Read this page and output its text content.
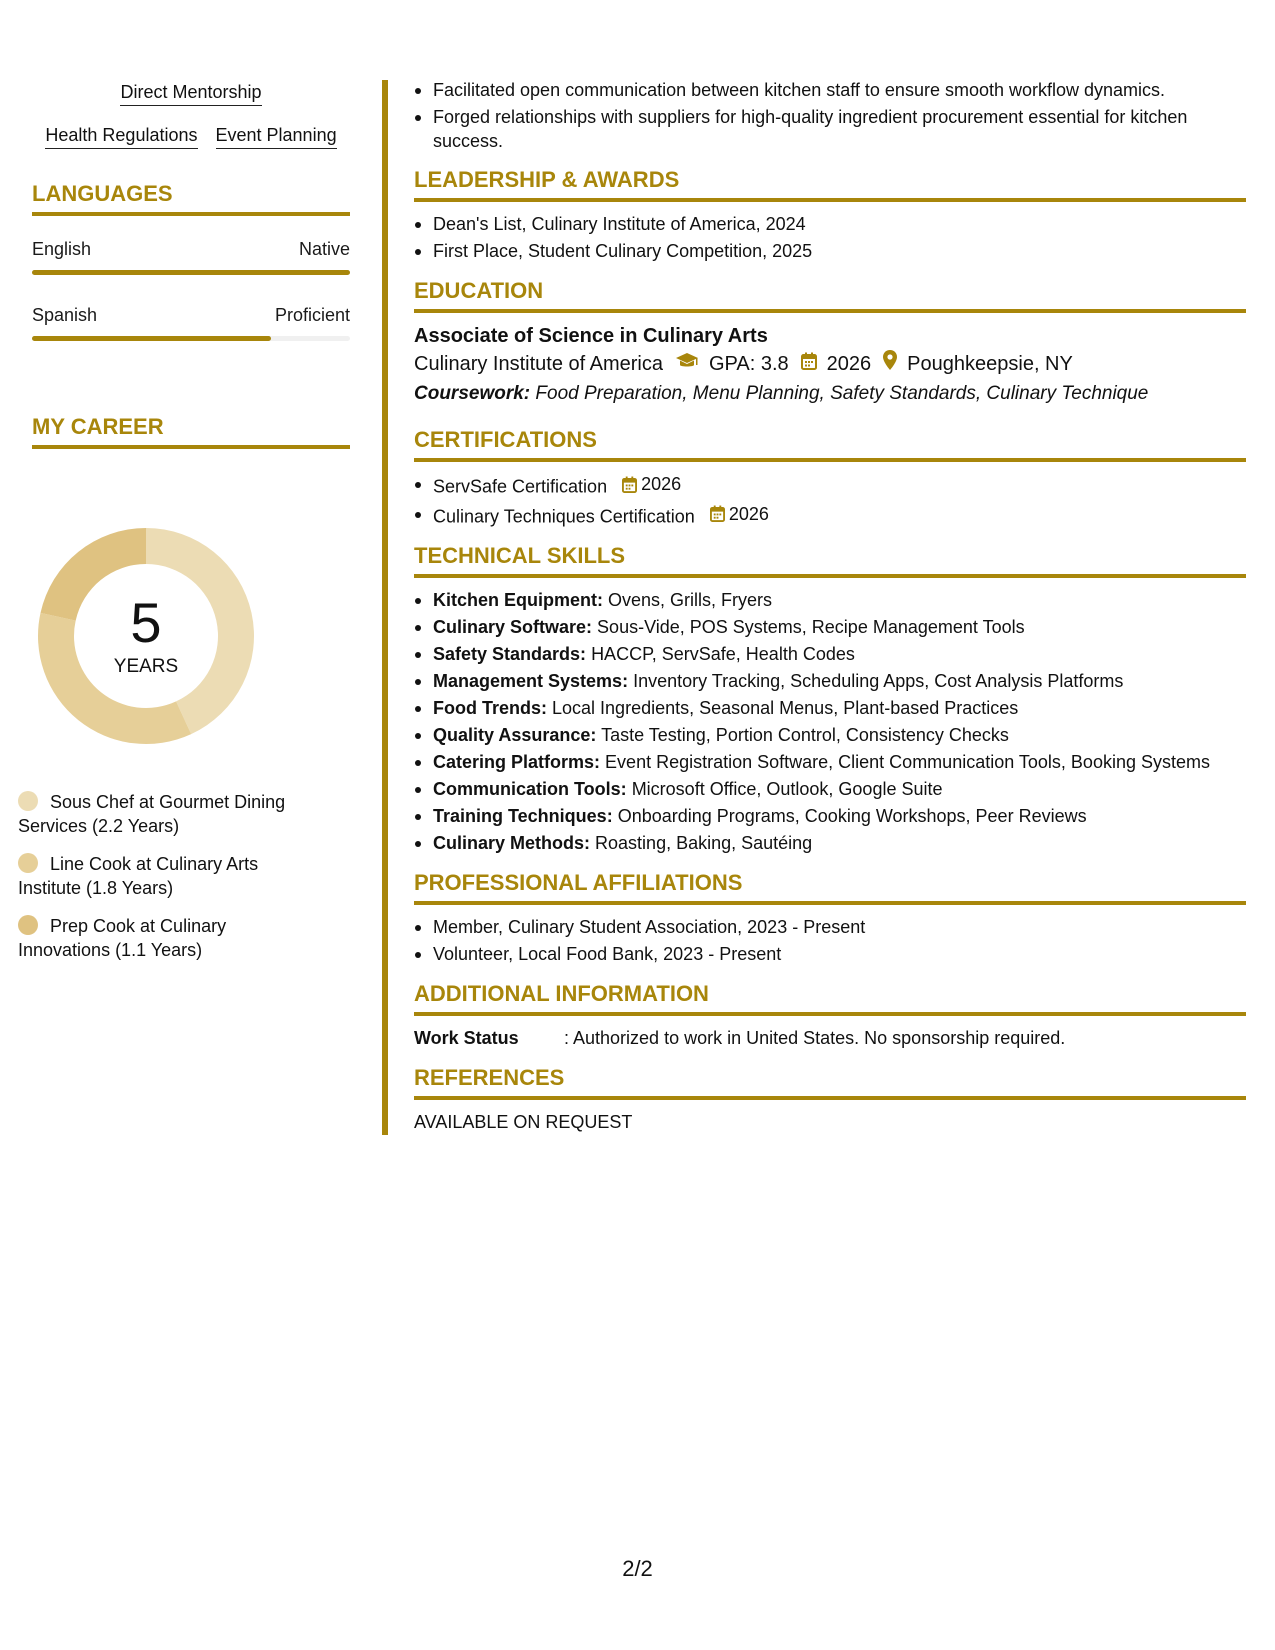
Direct Mentorship
Health Regulations Event Planning
LANGUAGES
English	Native
Spanish	Proficient
MY CAREER
5
YEARS
Sous Chef at Gourmet Dining Services (2.2 Years)
Line Cook at Culinary Arts Institute (1.8 Years)
Prep Cook at Culinary Innovations (1.1 Years)
Facilitated open communication between kitchen staff to ensure smooth workflow dynamics.
Forged relationships with suppliers for high-quality ingredient procurement essential for kitchen success.
LEADERSHIP & AWARDS
Dean's List, Culinary Institute of America, 2024
First Place, Student Culinary Competition, 2025
EDUCATION
Associate of Science in Culinary Arts
Culinary Institute of America GPA: 3.8 2026 Poughkeepsie, NY
Coursework: Food Preparation, Menu Planning, Safety Standards, Culinary Technique
CERTIFICATIONS
ServSafe Certification 2026
Culinary Techniques Certification 2026
TECHNICAL SKILLS
Kitchen Equipment: Ovens, Grills, Fryers
Culinary Software: Sous-Vide, POS Systems, Recipe Management Tools
Safety Standards: HACCP, ServSafe, Health Codes
Management Systems: Inventory Tracking, Scheduling Apps, Cost Analysis Platforms
Food Trends: Local Ingredients, Seasonal Menus, Plant-based Practices
Quality Assurance: Taste Testing, Portion Control, Consistency Checks
Catering Platforms: Event Registration Software, Client Communication Tools, Booking Systems
Communication Tools: Microsoft Office, Outlook, Google Suite
Training Techniques: Onboarding Programs, Cooking Workshops, Peer Reviews
Culinary Methods: Roasting, Baking, Sautéing
PROFESSIONAL AFFILIATIONS
Member, Culinary Student Association, 2023 - Present
Volunteer, Local Food Bank, 2023 - Present
ADDITIONAL INFORMATION
Work Status	: Authorized to work in United States. No sponsorship required.
REFERENCES
AVAILABLE ON REQUEST
2/2
